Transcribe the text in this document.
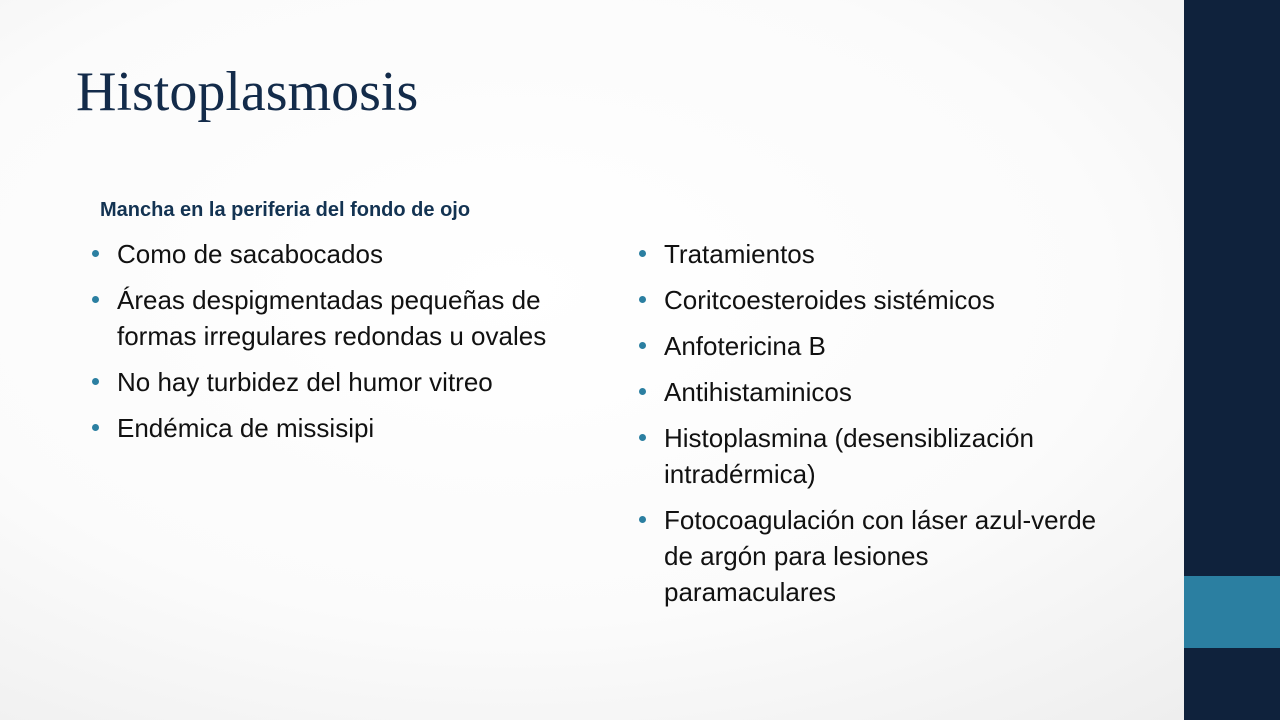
Histoplasmosis
Mancha en la periferia del fondo de ojo
Como de sacabocados
Áreas despigmentadas pequeñas de formas irregulares redondas u ovales
No hay turbidez del humor vitreo
Endémica de missisipi
Tratamientos
Coritcoesteroides sistémicos
Anfotericina B
Antihistaminicos
Histoplasmina (desensiblización intradérmica)
Fotocoagulación con láser azul-verde de argón para lesiones paramaculares
